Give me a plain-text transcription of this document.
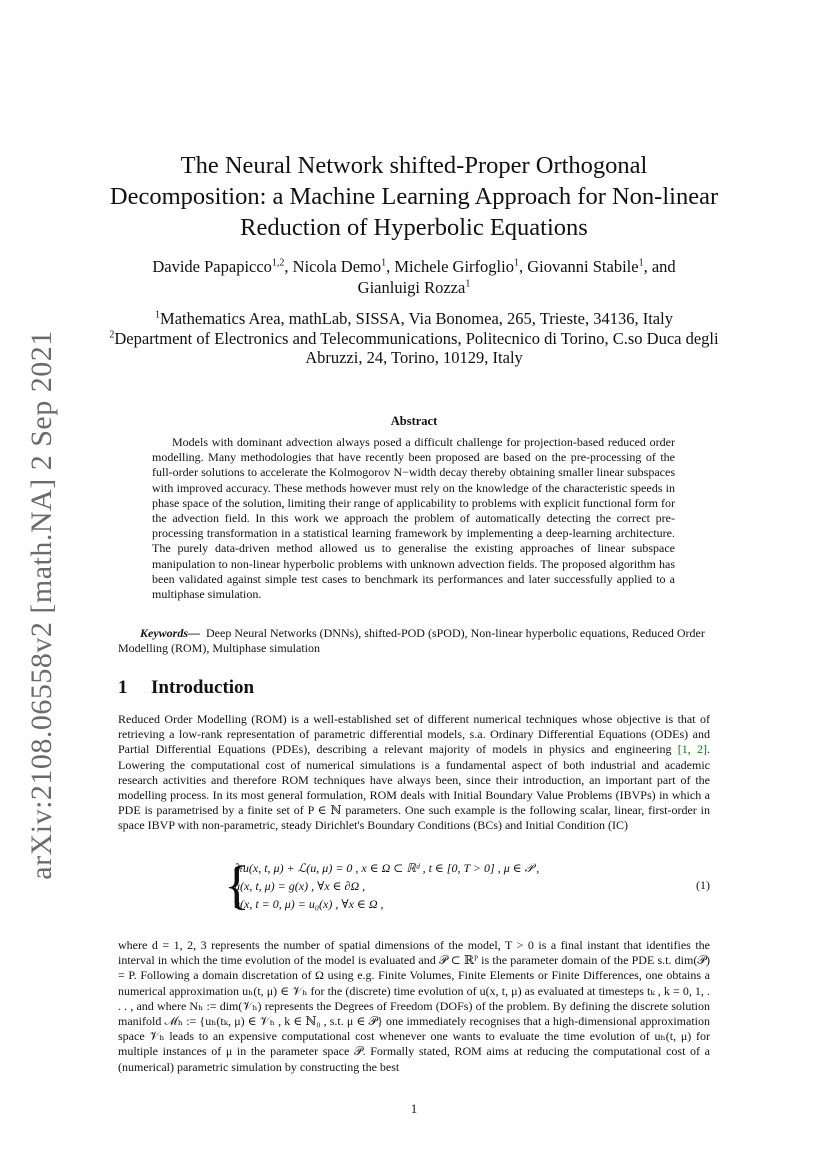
arXiv:2108.06558v2 [math.NA] 2 Sep 2021
The Neural Network shifted-Proper Orthogonal Decomposition: a Machine Learning Approach for Non-linear Reduction of Hyperbolic Equations
Davide Papapicco$^{1,2}$, Nicola Demo$^1$, Michele Girfoglio$^1$, Giovanni Stabile$^1$, and
Gianluigi Rozza$^1$
$^1$Mathematics Area, mathLab, SISSA, Via Bonomea, 265, Trieste, 34136, Italy
$^2$Department of Electronics and Telecommunications, Politecnico di Torino, C.so Duca degli Abruzzi, 24, Torino, 10129, Italy
Abstract
Models with dominant advection always posed a difficult challenge for projection-based reduced order modelling. Many methodologies that have recently been proposed are based on the pre-processing of the full-order solutions to accelerate the Kolmogorov N−width decay thereby obtaining smaller linear subspaces with improved accuracy. These methods however must rely on the knowledge of the characteristic speeds in phase space of the solution, limiting their range of applicability to problems with explicit functional form for the advection field. In this work we approach the problem of automatically detecting the correct pre-processing transformation in a statistical learning framework by implementing a deep-learning architecture. The purely data-driven method allowed us to generalise the existing approaches of linear subspace manipulation to non-linear hyperbolic problems with unknown advection fields. The proposed algorithm has been validated against simple test cases to benchmark its performances and later successfully applied to a multiphase simulation.
Keywords— Deep Neural Networks (DNNs), shifted-POD (sPOD), Non-linear hyperbolic equations, Reduced Order Modelling (ROM), Multiphase simulation
1 Introduction
Reduced Order Modelling (ROM) is a well-established set of different numerical techniques whose objective is that of retrieving a low-rank representation of parametric differential models, s.a. Ordinary Differential Equations (ODEs) and Partial Differential Equations (PDEs), describing a relevant majority of models in physics and engineering [1, 2]. Lowering the computational cost of numerical simulations is a fundamental aspect of both industrial and academic research activities and therefore ROM techniques have always been, since their introduction, an important part of the modelling process. In its most general formulation, ROM deals with Initial Boundary Value Problems (IBVPs) in which a PDE is parametrised by a finite set of P ∈ ℕ parameters. One such example is the following scalar, linear, first-order in space IBVP with non-parametric, steady Dirichlet's Boundary Conditions (BCs) and Initial Condition (IC)
{
∂ₜu(x, t, μ) + ℒ(u, μ) = 0 , x ∈ Ω ⊂ ℝᵈ , t ∈ [0, T > 0] , μ ∈ 𝒫 ,
u(x, t, μ) = g(x) , ∀x ∈ ∂Ω ,
u(x, t = 0, μ) = u₀(x) , ∀x ∈ Ω ,
(1)
where d = 1, 2, 3 represents the number of spatial dimensions of the model, T > 0 is a final instant that identifies the interval in which the time evolution of the model is evaluated and 𝒫 ⊂ ℝᴾ is the parameter domain of the PDE s.t. dim(𝒫) = P. Following a domain discretation of Ω using e.g. Finite Volumes, Finite Elements or Finite Differences, one obtains a numerical approximation uₕ(t, μ) ∈ 𝒱ₕ for the (discrete) time evolution of u(x, t, μ) as evaluated at timesteps tₖ , k = 0, 1, . . . , and where Nₕ := dim(𝒱ₕ) represents the Degrees of Freedom (DOFs) of the problem. By defining the discrete solution manifold ℳₕ := {uₕ(tₖ, μ) ∈ 𝒱ₕ , k ∈ ℕ₀ , s.t. μ ∈ 𝒫} one immediately recognises that a high-dimensional approximation space 𝒱ₕ leads to an expensive computational cost whenever one wants to evaluate the time evolution of uₕ(t, μ) for multiple instances of μ in the parameter space 𝒫. Formally stated, ROM aims at reducing the computational cost of a (numerical) parametric simulation by constructing the best
1
